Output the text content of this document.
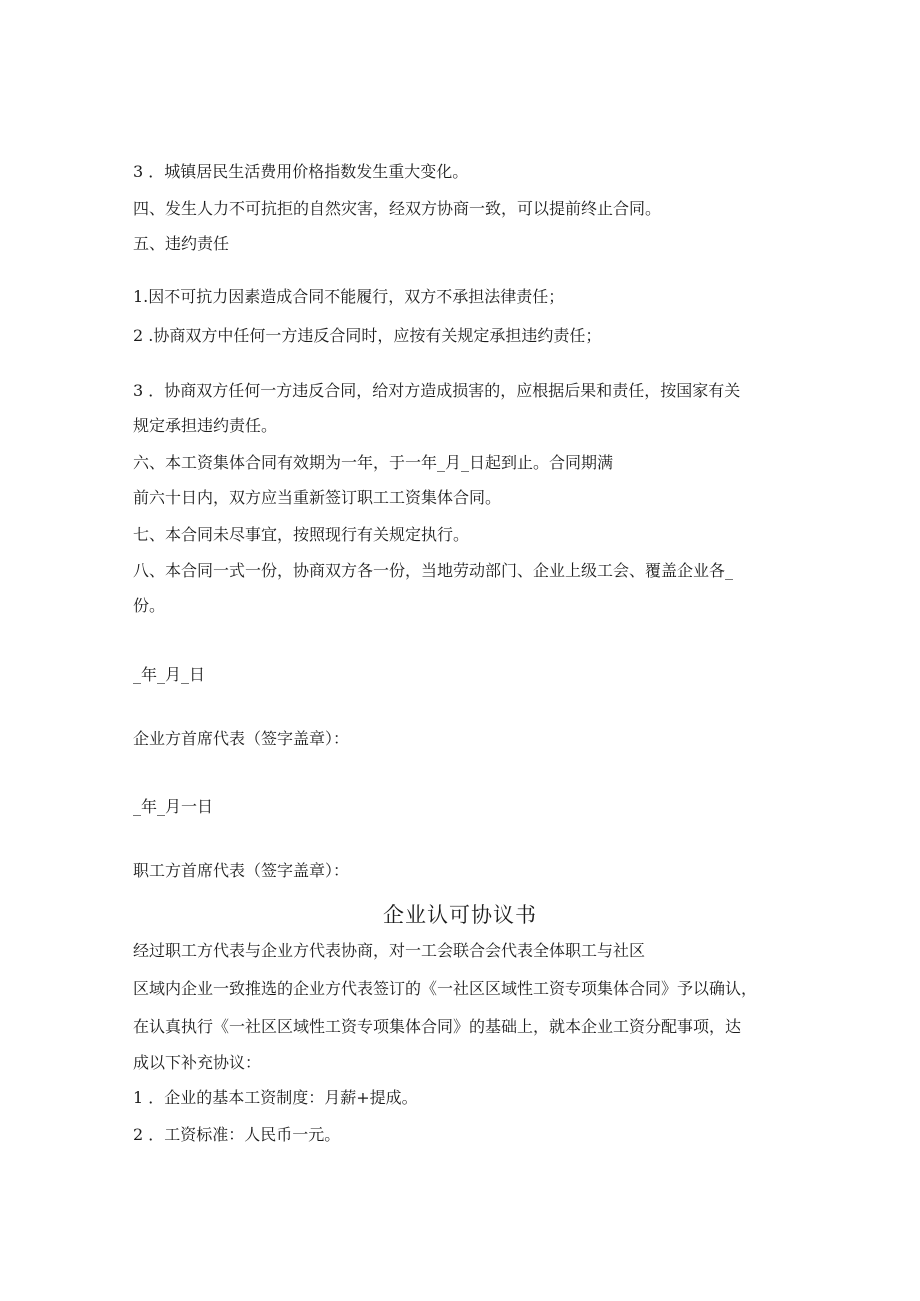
3 ．城镇居民生活费用价格指数发生重大变化。

四、发生人力不可抗拒的自然灾害，经双方协商一致，可以提前终止合同。

五、违约责任

1.因不可抗力因素造成合同不能履行，双方不承担法律责任；

2 .协商双方中任何一方违反合同时，应按有关规定承担违约责任；

3 ．协商双方任何一方违反合同，给对方造成损害的，应根据后果和责任，按国家有关

规定承担违约责任。

六、本工资集体合同有效期为一年，于一年_月_日起到止。合同期满

前六十日内，双方应当重新签订职工工资集体合同。

七、本合同未尽事宜，按照现行有关规定执行。

八、本合同一式一份，协商双方各一份，当地劳动部门、企业上级工会、覆盖企业各_

份。

_年_月_日

企业方首席代表（签字盖章）：

_年_月一日

职工方首席代表（签字盖章）：

企业认可协议书

经过职工方代表与企业方代表协商，对一工会联合会代表全体职工与社区

区域内企业一致推选的企业方代表签订的《一社区区域性工资专项集体合同》予以确认，

在认真执行《一社区区域性工资专项集体合同》的基础上，就本企业工资分配事项，达

成以下补充协议：

1 ．企业的基本工资制度：月薪+提成。

2 ．工资标准：人民币一元。
